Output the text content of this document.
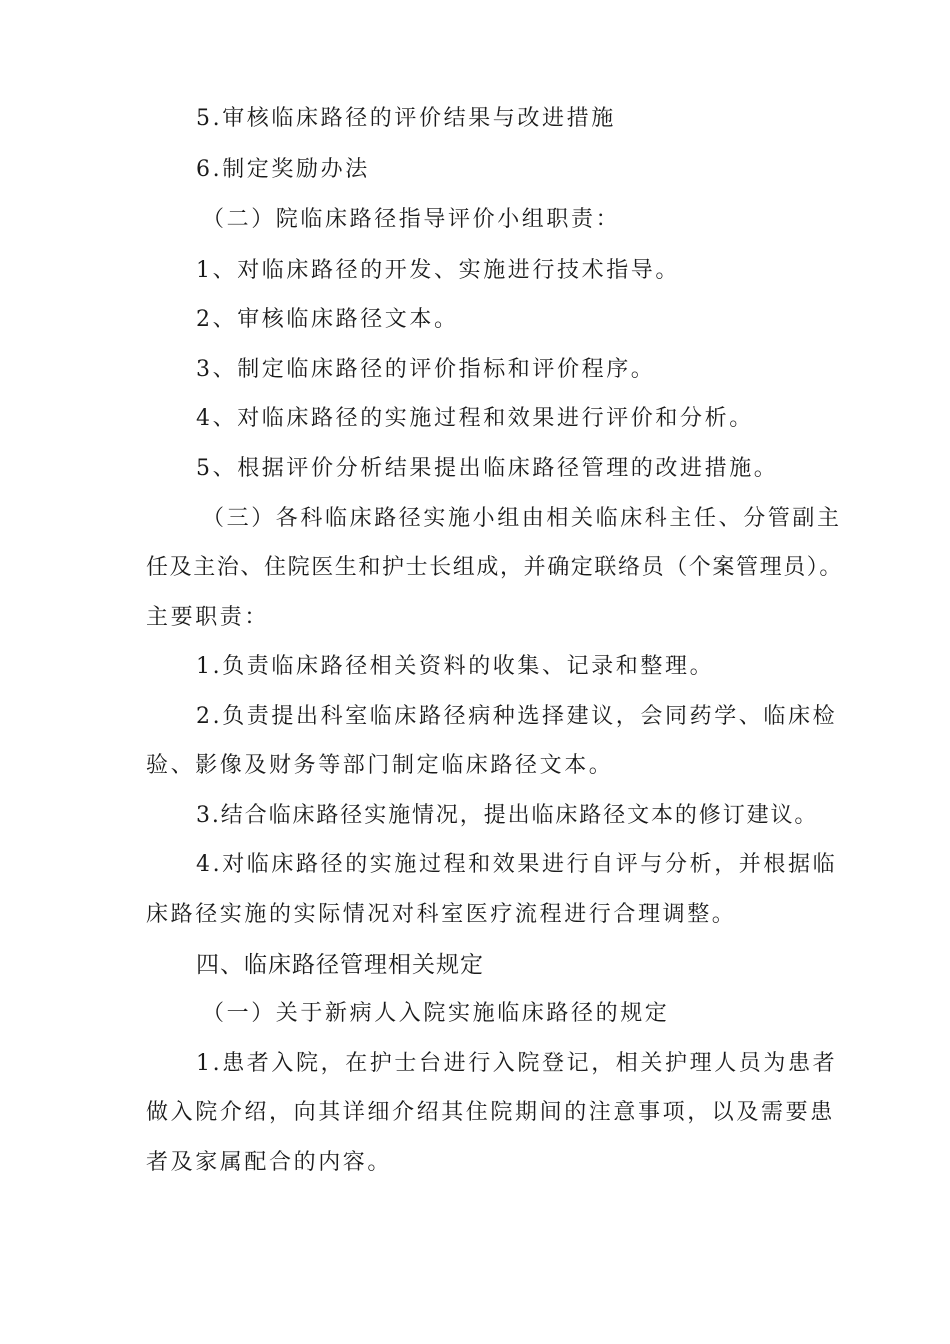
5.审核临床路径的评价结果与改进措施
6.制定奖励办法
（二）院临床路径指导评价小组职责：
1、对临床路径的开发、实施进行技术指导。
2、审核临床路径文本。
3、制定临床路径的评价指标和评价程序。
4、对临床路径的实施过程和效果进行评价和分析。
5、根据评价分析结果提出临床路径管理的改进措施。
（三）各科临床路径实施小组由相关临床科主任、分管副主
任及主治、住院医生和护士长组成，并确定联络员（个案管理员）。
主要职责：
1.负责临床路径相关资料的收集、记录和整理。
2.负责提出科室临床路径病种选择建议，会同药学、临床检
验、影像及财务等部门制定临床路径文本。
3.结合临床路径实施情况，提出临床路径文本的修订建议。
4.对临床路径的实施过程和效果进行自评与分析，并根据临
床路径实施的实际情况对科室医疗流程进行合理调整。
四、临床路径管理相关规定
（一）关于新病人入院实施临床路径的规定
1.患者入院，在护士台进行入院登记，相关护理人员为患者
做入院介绍，向其详细介绍其住院期间的注意事项，以及需要患
者及家属配合的内容。
